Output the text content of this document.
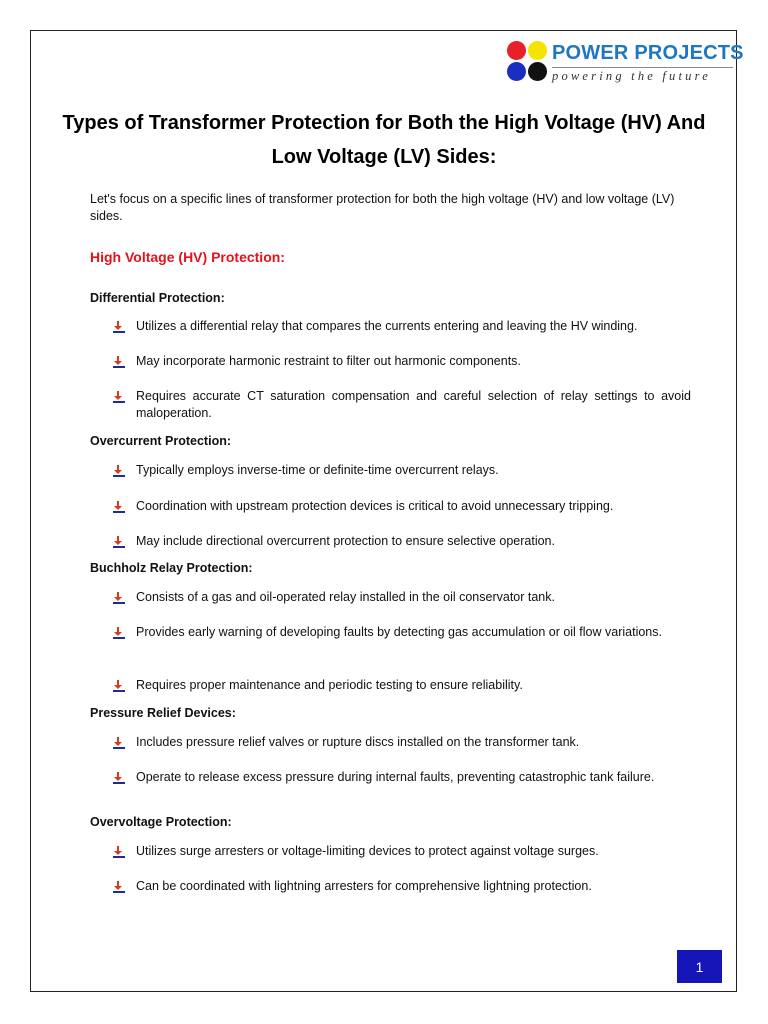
POWER PROJECTS
powering the future
Types of Transformer Protection for Both the High Voltage (HV) And Low Voltage (LV) Sides:
Let's focus on a specific lines of transformer protection for both the high voltage (HV) and low voltage (LV) sides.
High Voltage (HV) Protection:
Differential Protection:
Utilizes a differential relay that compares the currents entering and leaving the HV winding.
May incorporate harmonic restraint to filter out harmonic components.
Requires accurate CT saturation compensation and careful selection of relay settings to avoid maloperation.
Overcurrent Protection:
Typically employs inverse-time or definite-time overcurrent relays.
Coordination with upstream protection devices is critical to avoid unnecessary tripping.
May include directional overcurrent protection to ensure selective operation.
Buchholz Relay Protection:
Consists of a gas and oil-operated relay installed in the oil conservator tank.
Provides early warning of developing faults by detecting gas accumulation or oil flow variations.
Requires proper maintenance and periodic testing to ensure reliability.
Pressure Relief Devices:
Includes pressure relief valves or rupture discs installed on the transformer tank.
Operate to release excess pressure during internal faults, preventing catastrophic tank failure.
Overvoltage Protection:
Utilizes surge arresters or voltage-limiting devices to protect against voltage surges.
Can be coordinated with lightning arresters for comprehensive lightning protection.
1
